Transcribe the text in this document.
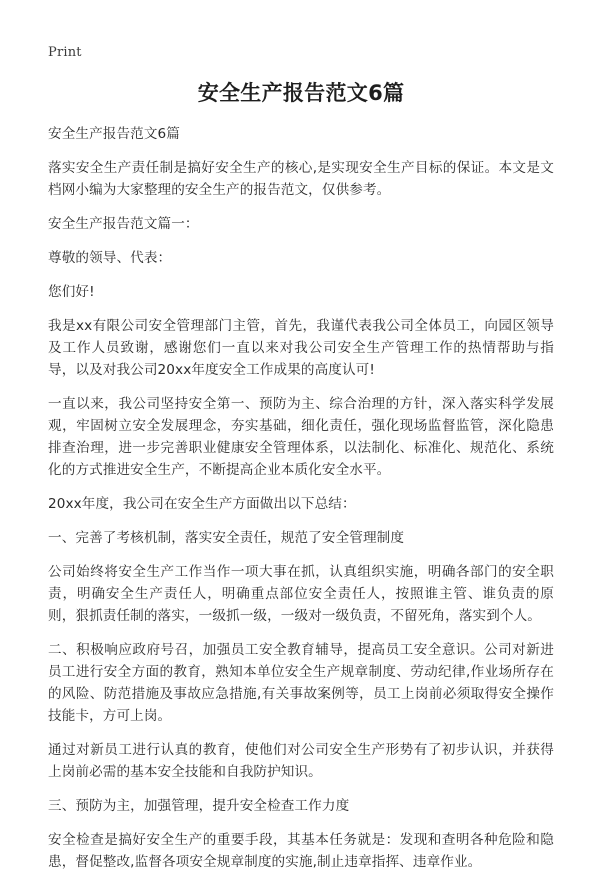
Print
安全生产报告范文6篇

安全生产报告范文6篇

落实安全生产责任制是搞好安全生产的核心,是实现安全生产目标的保证。本文是文档网小编为大家整理的安全生产的报告范文，仅供参考。

安全生产报告范文篇一：

尊敬的领导、代表：

您们好!

我是xx有限公司安全管理部门主管，首先，我谨代表我公司全体员工，向园区领导及工作人员致谢，感谢您们一直以来对我公司安全生产管理工作的热情帮助与指导，以及对我公司20xx年度安全工作成果的高度认可!

一直以来，我公司坚持安全第一、预防为主、综合治理的方针，深入落实科学发展观，牢固树立安全发展理念，夯实基础，细化责任，强化现场监督监管，深化隐患排查治理，进一步完善职业健康安全管理体系，以法制化、标准化、规范化、系统化的方式推进安全生产，不断提高企业本质化安全水平。

20xx年度，我公司在安全生产方面做出以下总结：

一、完善了考核机制，落实安全责任，规范了安全管理制度

公司始终将安全生产工作当作一项大事在抓，认真组织实施，明确各部门的安全职责，明确安全生产责任人，明确重点部位安全责任人，按照谁主管、谁负责的原则，狠抓责任制的落实，一级抓一级，一级对一级负责，不留死角，落实到个人。

二、积极响应政府号召，加强员工安全教育辅导，提高员工安全意识。公司对新进员工进行安全方面的教育，熟知本单位安全生产规章制度、劳动纪律,作业场所存在的风险、防范措施及事故应急措施,有关事故案例等，员工上岗前必须取得安全操作技能卡，方可上岗。

通过对新员工进行认真的教育，使他们对公司安全生产形势有了初步认识，并获得上岗前必需的基本安全技能和自我防护知识。

三、预防为主，加强管理，提升安全检查工作力度

安全检查是搞好安全生产的重要手段，其基本任务就是：发现和查明各种危险和隐患，督促整改,监督各项安全规章制度的实施,制止违章指挥、违章作业。
